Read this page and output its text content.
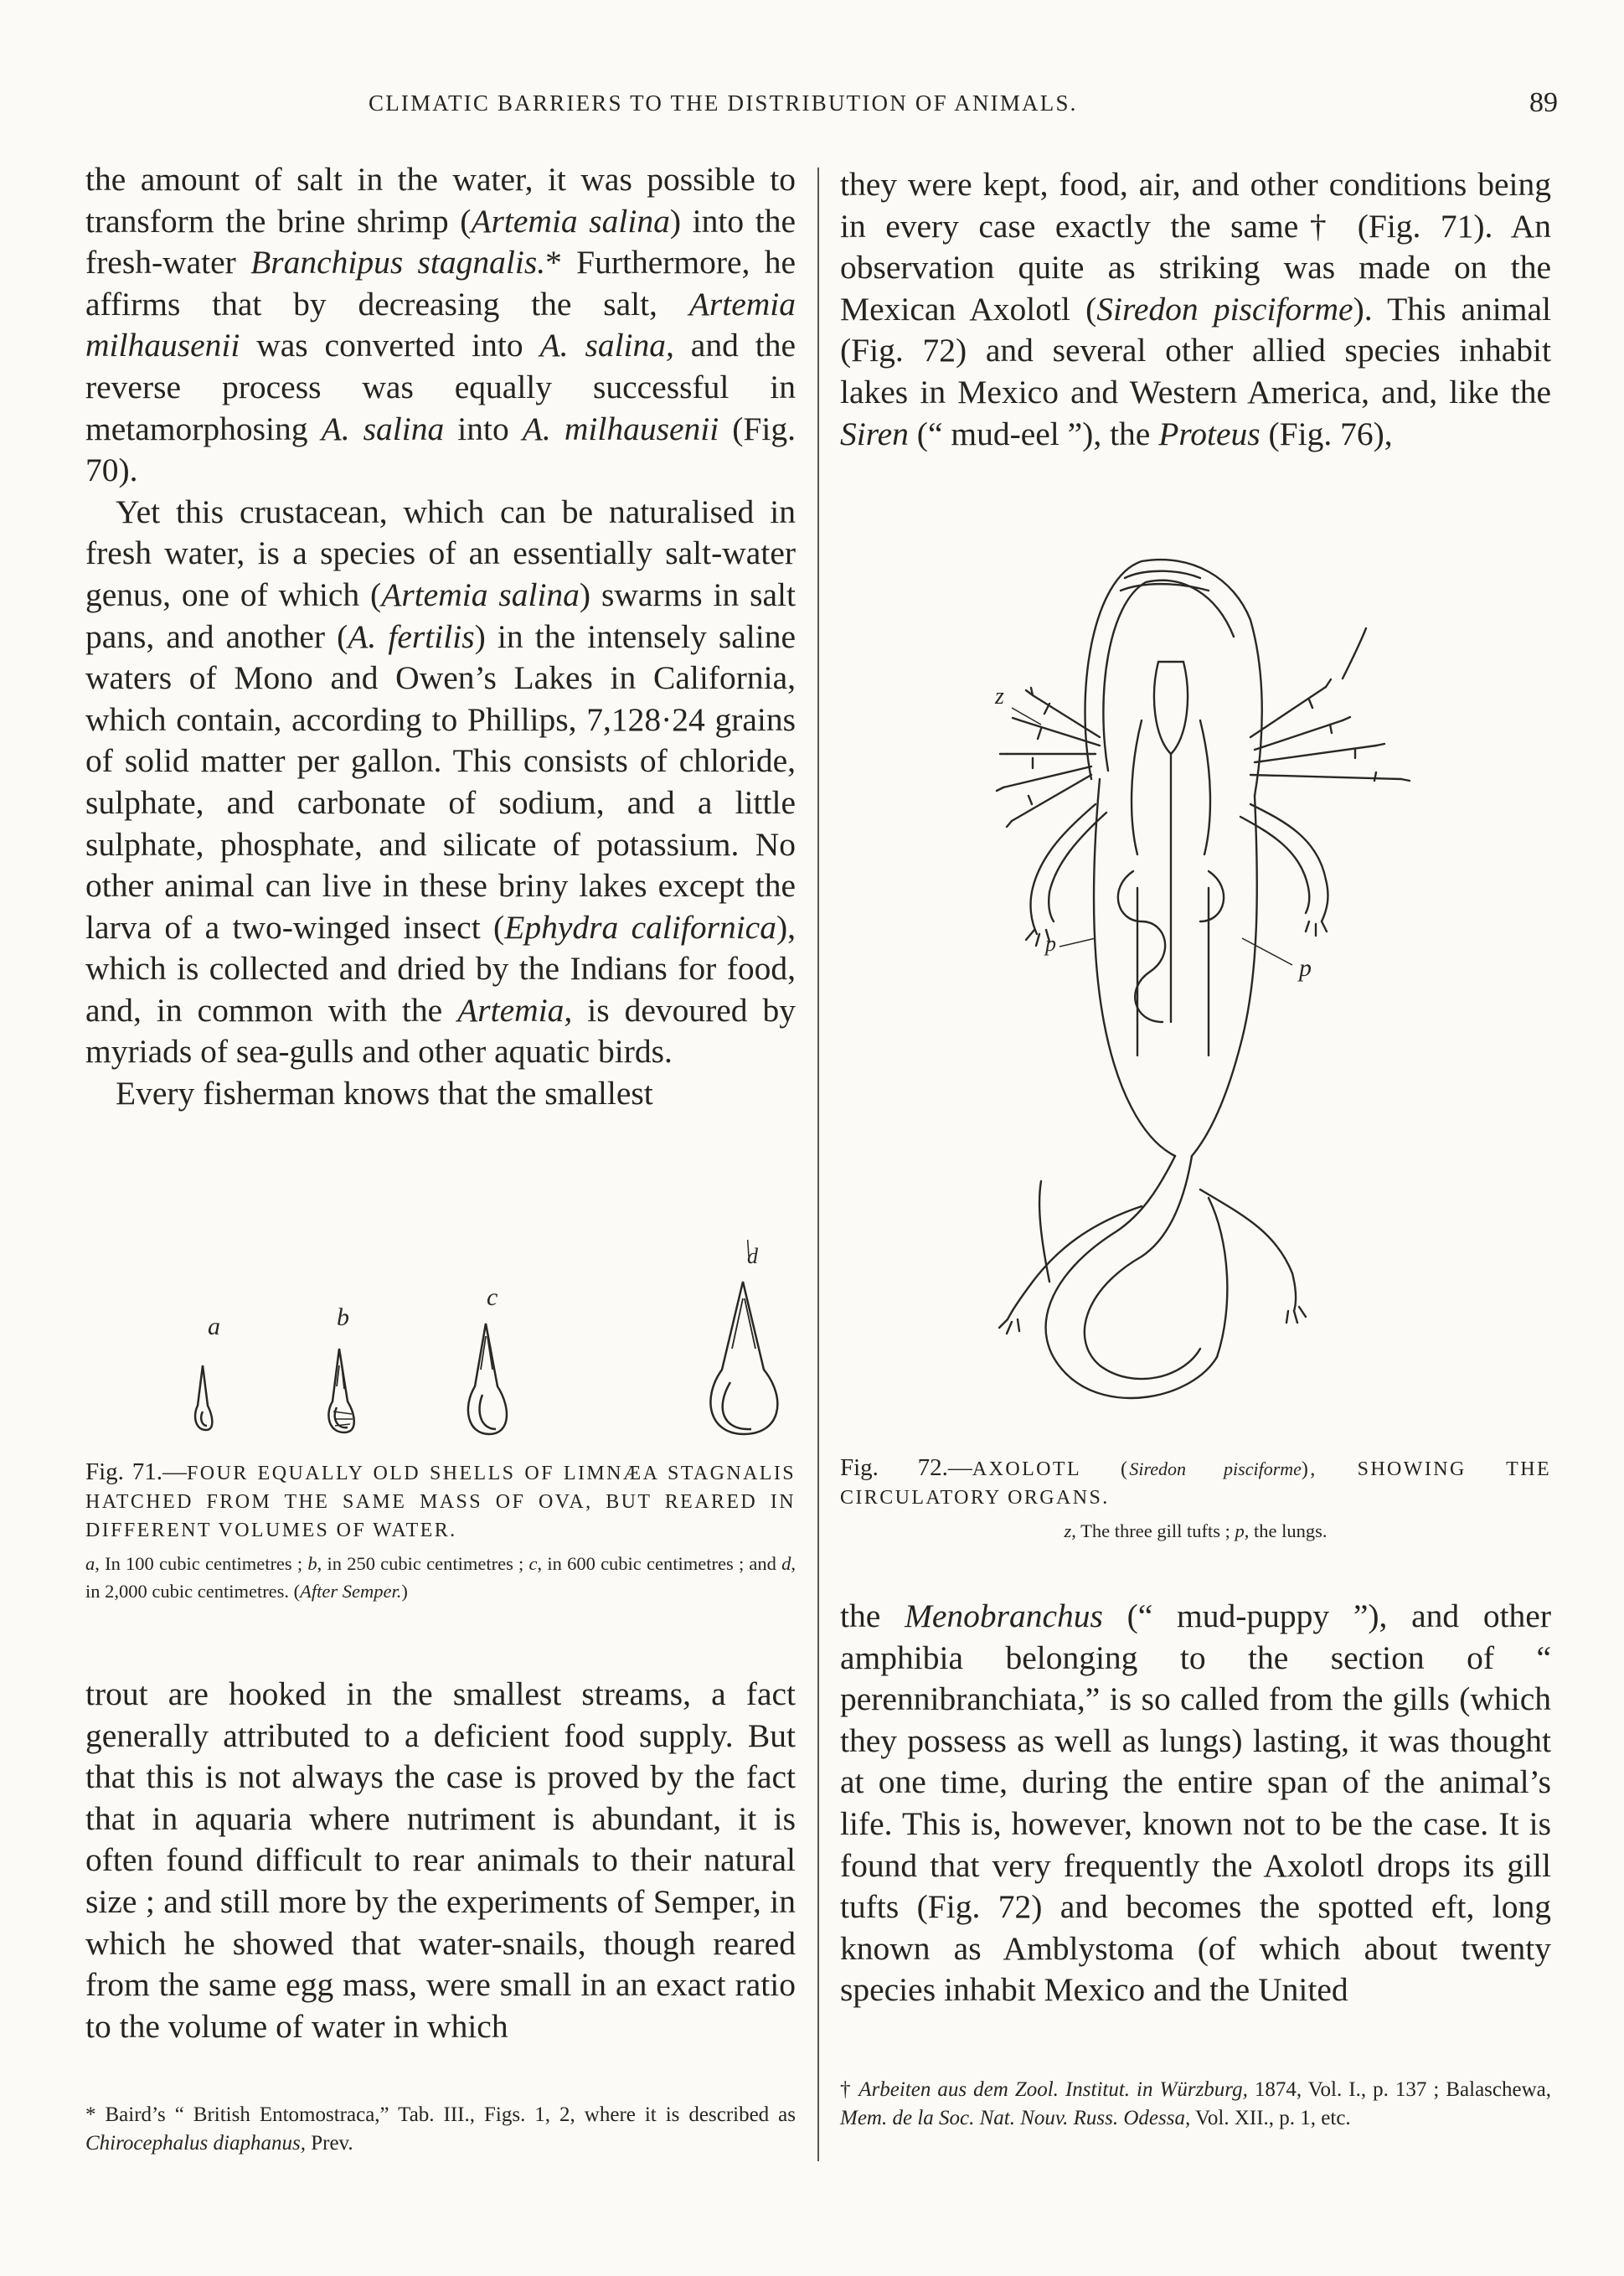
CLIMATIC BARRIERS TO THE DISTRIBUTION OF ANIMALS.	89

the amount of salt in the water, it was possible to transform the brine shrimp (Artemia salina) into the fresh-water Branchipus stagnalis.* Furthermore, he affirms that by decreasing the salt, Artemia milhausenii was converted into A. salina, and the reverse process was equally successful in metamorphosing A. salina into A. milhausenii (Fig. 70).

Yet this crustacean, which can be naturalised in fresh water, is a species of an essentially salt-water genus, one of which (Artemia salina) swarms in salt pans, and another (A. fertilis) in the intensely saline waters of Mono and Owen’s Lakes in California, which contain, according to Phillips, 7,128·24 grains of solid matter per gallon. This consists of chloride, sulphate, and carbonate of sodium, and a little sulphate, phosphate, and silicate of potassium. No other animal can live in these briny lakes except the larva of a two-winged insect (Ephydra californica), which is collected and dried by the Indians for food, and, in common with the Artemia, is devoured by myriads of sea-gulls and other aquatic birds.

Every fisherman knows that the smallest

a	b
c
d

Fig. 71.—FOUR EQUALLY OLD SHELLS OF LIMNÆA STAGNALIS HATCHED FROM THE SAME MASS OF OVA, BUT REARED IN DIFFERENT VOLUMES OF WATER.

a, In 100 cubic centimetres ; b, in 250 cubic centimetres ; c, in 600 cubic centimetres ; and d, in 2,000 cubic centimetres. (After Semper.)

trout are hooked in the smallest streams, a fact generally attributed to a deficient food supply. But that this is not always the case is proved by the fact that in aquaria where nutriment is abundant, it is often found difficult to rear animals to their natural size ; and still more by the experiments of Semper, in which he showed that water-snails, though reared from the same egg mass, were small in an exact ratio to the volume of water in which

* Baird’s “ British Entomostraca,” Tab. III., Figs. 1, 2, where it is described as Chirocephalus diaphanus, Prev.

they were kept, food, air, and other conditions being in every case exactly the same† (Fig. 71). An observation quite as striking was made on the Mexican Axolotl (Siredon pisciforme). This animal (Fig. 72) and several other allied species inhabit lakes in Mexico and Western America, and, like the Siren (“ mud-eel ”), the Proteus (Fig. 76),

z
p
p

Fig. 72.—AXOLOTL (Siredon pisciforme), SHOWING THE CIRCULATORY ORGANS.

z, The three gill tufts ; p, the lungs.

the Menobranchus (“ mud-puppy ”), and other amphibia belonging to the section of “ perennibranchiata,” is so called from the gills (which they possess as well as lungs) lasting, it was thought at one time, during the entire span of the animal’s life. This is, however, known not to be the case. It is found that very frequently the Axolotl drops its gill tufts (Fig. 72) and becomes the spotted eft, long known as Amblystoma (of which about twenty species inhabit Mexico and the United

† Arbeiten aus dem Zool. Institut. in Würzburg, 1874, Vol. I., p. 137 ; Balaschewa, Mem. de la Soc. Nat. Nouv. Russ. Odessa, Vol. XII., p. 1, etc.
